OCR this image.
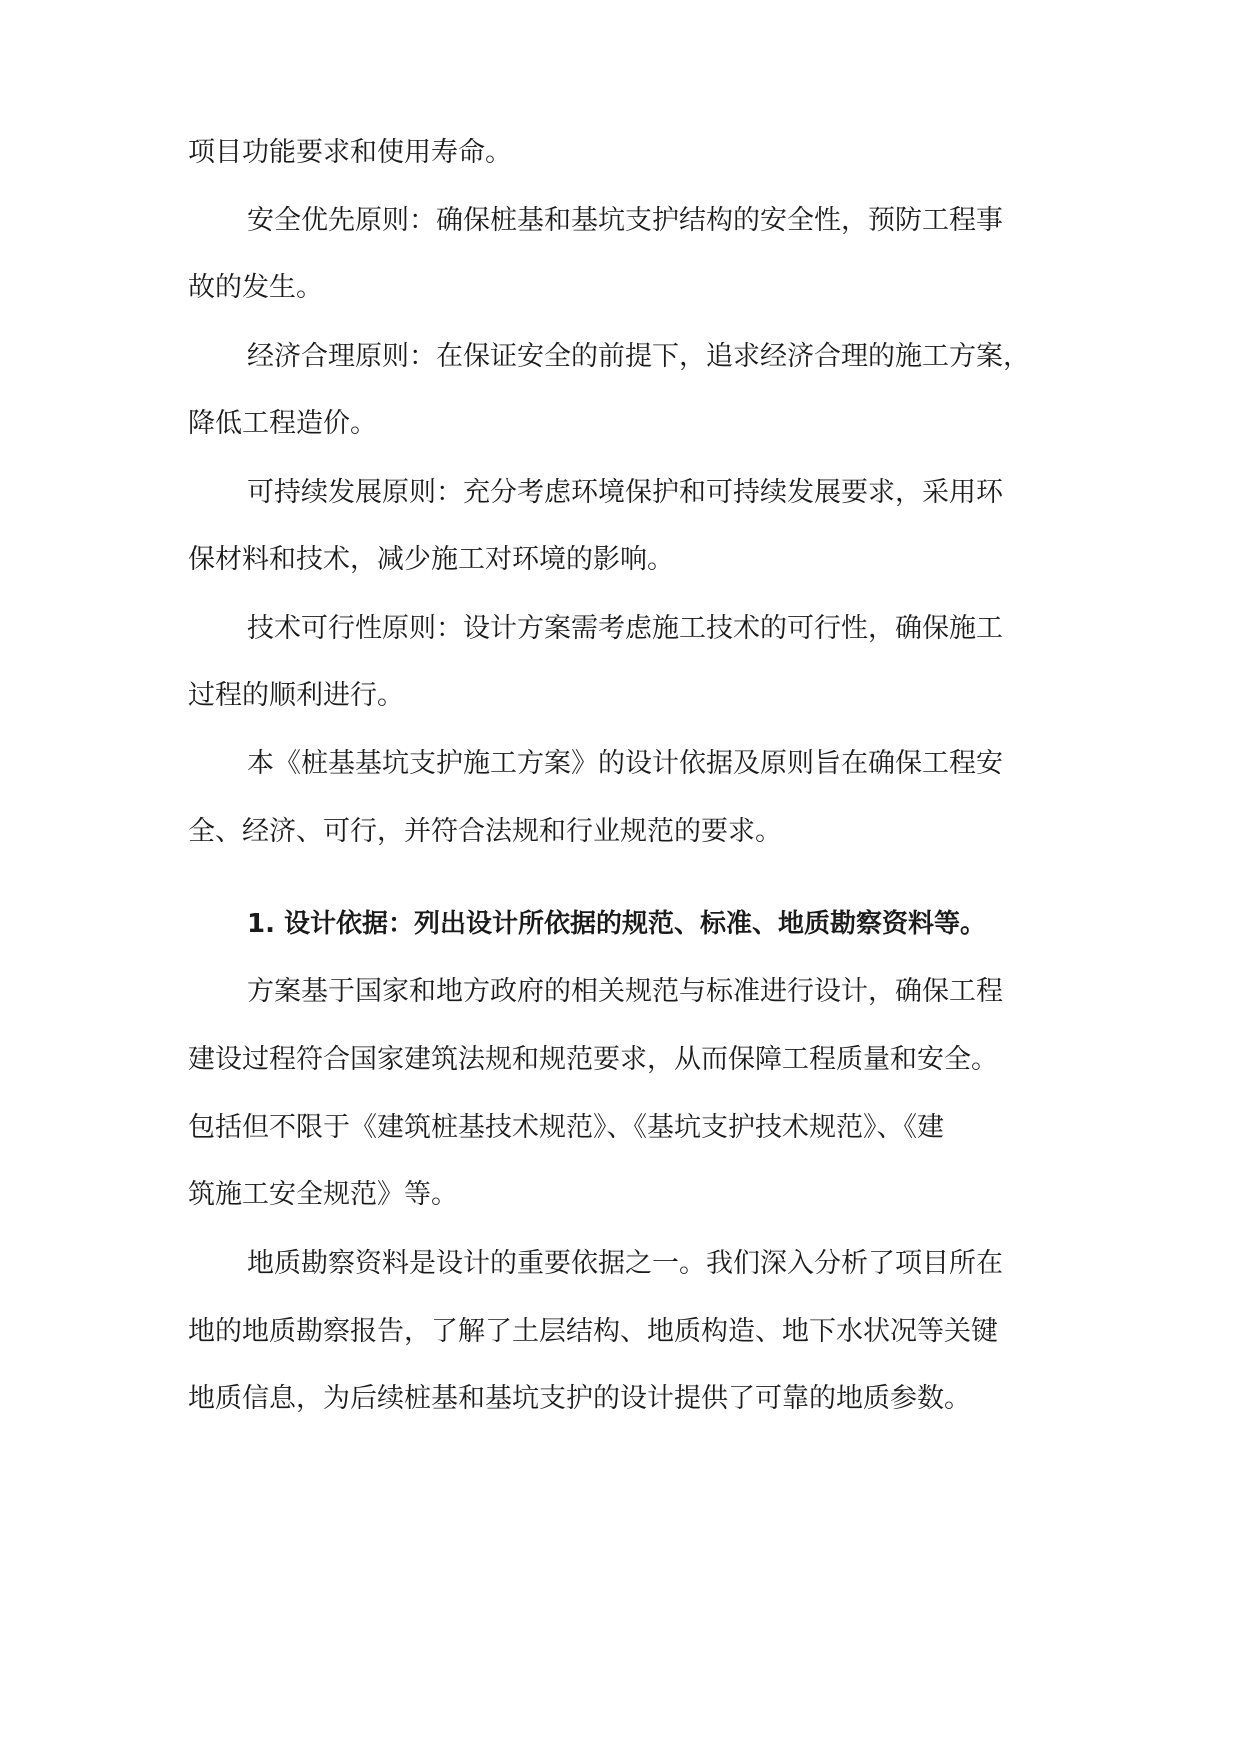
项目功能要求和使用寿命。
安全优先原则：确保桩基和基坑支护结构的安全性，预防工程事
故的发生。
经济合理原则：在保证安全的前提下，追求经济合理的施工方案，
降低工程造价。
可持续发展原则：充分考虑环境保护和可持续发展要求，采用环
保材料和技术，减少施工对环境的影响。
技术可行性原则：设计方案需考虑施工技术的可行性，确保施工
过程的顺利进行。
本《桩基基坑支护施工方案》的设计依据及原则旨在确保工程安
全、经济、可行，并符合法规和行业规范的要求。
1. 设计依据：列出设计所依据的规范、标准、地质勘察资料等。
方案基于国家和地方政府的相关规范与标准进行设计，确保工程
建设过程符合国家建筑法规和规范要求，从而保障工程质量和安全。
包括但不限于《建筑桩基技术规范》、《基坑支护技术规范》、《建
筑施工安全规范》等。
地质勘察资料是设计的重要依据之一。我们深入分析了项目所在
地的地质勘察报告，了解了土层结构、地质构造、地下水状况等关键
地质信息，为后续桩基和基坑支护的设计提供了可靠的地质参数。
